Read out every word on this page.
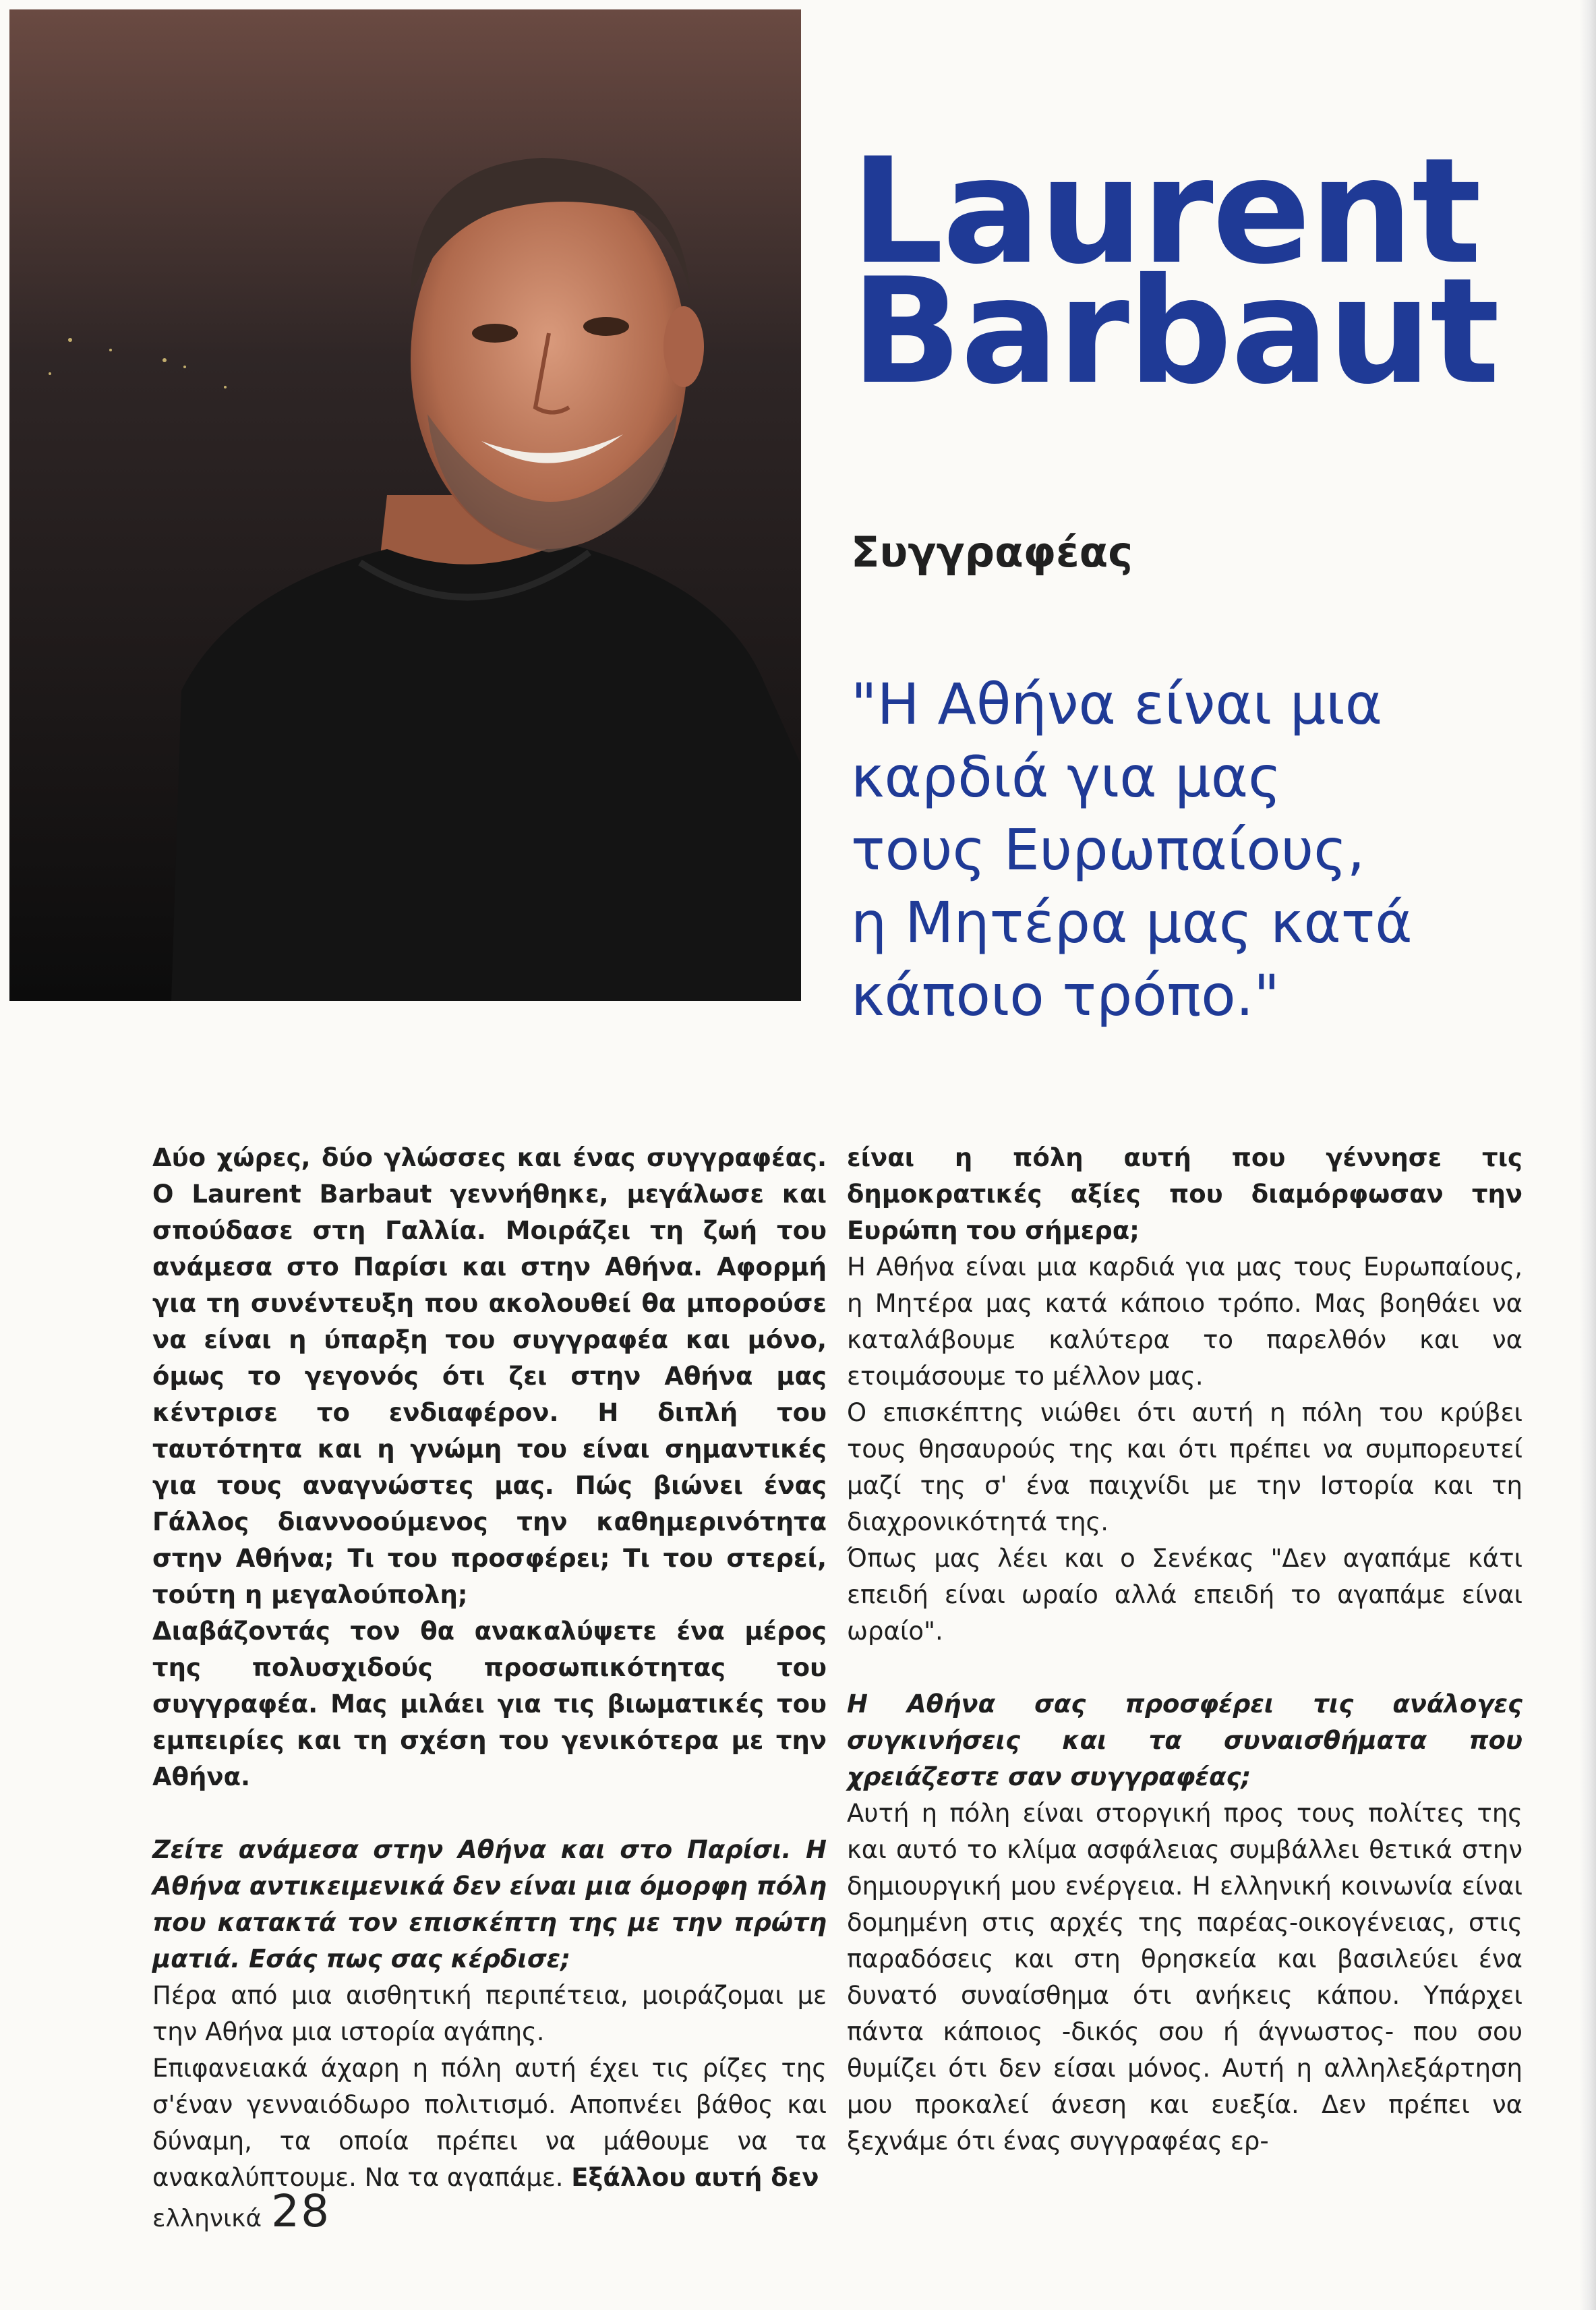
Laurent
Barbaut
Συγγραφέας
"Η Αθήνα είναι μια
καρδιά για μας
τους Ευρωπαίους,
η Μητέρα μας κατά
κάποιο τρόπο."

Δύο χώρες, δύο γλώσσες και ένας συγγραφέας. Ο Laurent Barbaut γεννήθηκε, μεγάλωσε και σπούδασε στη Γαλλία. Μοιράζει τη ζωή του ανάμεσα στο Παρίσι και στην Αθήνα. Αφορμή για τη συνέντευξη που ακολουθεί θα μπορούσε να είναι η ύπαρξη του συγγραφέα και μόνο, όμως το γεγονός ότι ζει στην Αθήνα μας κέντρισε το ενδιαφέρον. Η διπλή του ταυτότητα και η γνώμη του είναι σημαντικές για τους αναγνώστες μας. Πώς βιώνει ένας Γάλλος διαννοούμενος την καθημερινότητα στην Αθήνα; Τι του προσφέρει; Τι του στερεί, τούτη η μεγαλούπολη;

Διαβάζοντάς τον θα ανακαλύψετε ένα μέρος της πολυσχιδούς προσωπικότητας του συγγραφέα. Μας μιλάει για τις βιωματικές του εμπειρίες και τη σχέση του γενικότερα με την Αθήνα.

Ζείτε ανάμεσα στην Αθήνα και στο Παρίσι. Η Αθήνα αντικειμενικά δεν είναι μια όμορφη πόλη που κατακτά τον επισκέπτη της με την πρώτη ματιά. Εσάς πως σας κέρδισε;

Πέρα από μια αισθητική περιπέτεια, μοιράζομαι με την Αθήνα μια ιστορία αγάπης.

Επιφανειακά άχαρη η πόλη αυτή έχει τις ρίζες της σ'έναν γενναιόδωρο πολιτισμό. Αποπνέει βάθος και δύναμη, τα οποία πρέπει να μάθουμε να τα ανακαλύπτουμε. Να τα αγαπάμε. Εξάλλου αυτή δεν

είναι η πόλη αυτή που γέννησε τις δημοκρατικές αξίες που διαμόρφωσαν την Ευρώπη του σήμερα;

Η Αθήνα είναι μια καρδιά για μας τους Ευρωπαίους, η Μητέρα μας κατά κάποιο τρόπο. Μας βοηθάει να καταλάβουμε καλύτερα το παρελθόν και να ετοιμάσουμε το μέλλον μας.

Ο επισκέπτης νιώθει ότι αυτή η πόλη του κρύβει τους θησαυρούς της και ότι πρέπει να συμπορευτεί μαζί της σ' ένα παιχνίδι με την Ιστορία και τη διαχρονικότητά της.

Όπως μας λέει και ο Σενέκας "Δεν αγαπάμε κάτι επειδή είναι ωραίο αλλά επειδή το αγαπάμε είναι ωραίο".

Η Αθήνα σας προσφέρει τις ανάλογες συγκινήσεις και τα συναισθήματα που χρειάζεστε σαν συγγραφέας;

Αυτή η πόλη είναι στοργική προς τους πολίτες της και αυτό το κλίμα ασφάλειας συμβάλλει θετικά στην δημιουργική μου ενέργεια. Η ελληνική κοινωνία είναι δομημένη στις αρχές της παρέας-οικογένειας, στις παραδόσεις και στη θρησκεία και βασιλεύει ένα δυνατό συναίσθημα ότι ανήκεις κάπου. Υπάρχει πάντα κάποιος -δικός σου ή άγνωστος- που σου θυμίζει ότι δεν είσαι μόνος. Αυτή η αλληλεξάρτηση μου προκαλεί άνεση και ευεξία. Δεν πρέπει να ξεχνάμε ότι ένας συγγραφέας ερ-

ελληνικά 28
